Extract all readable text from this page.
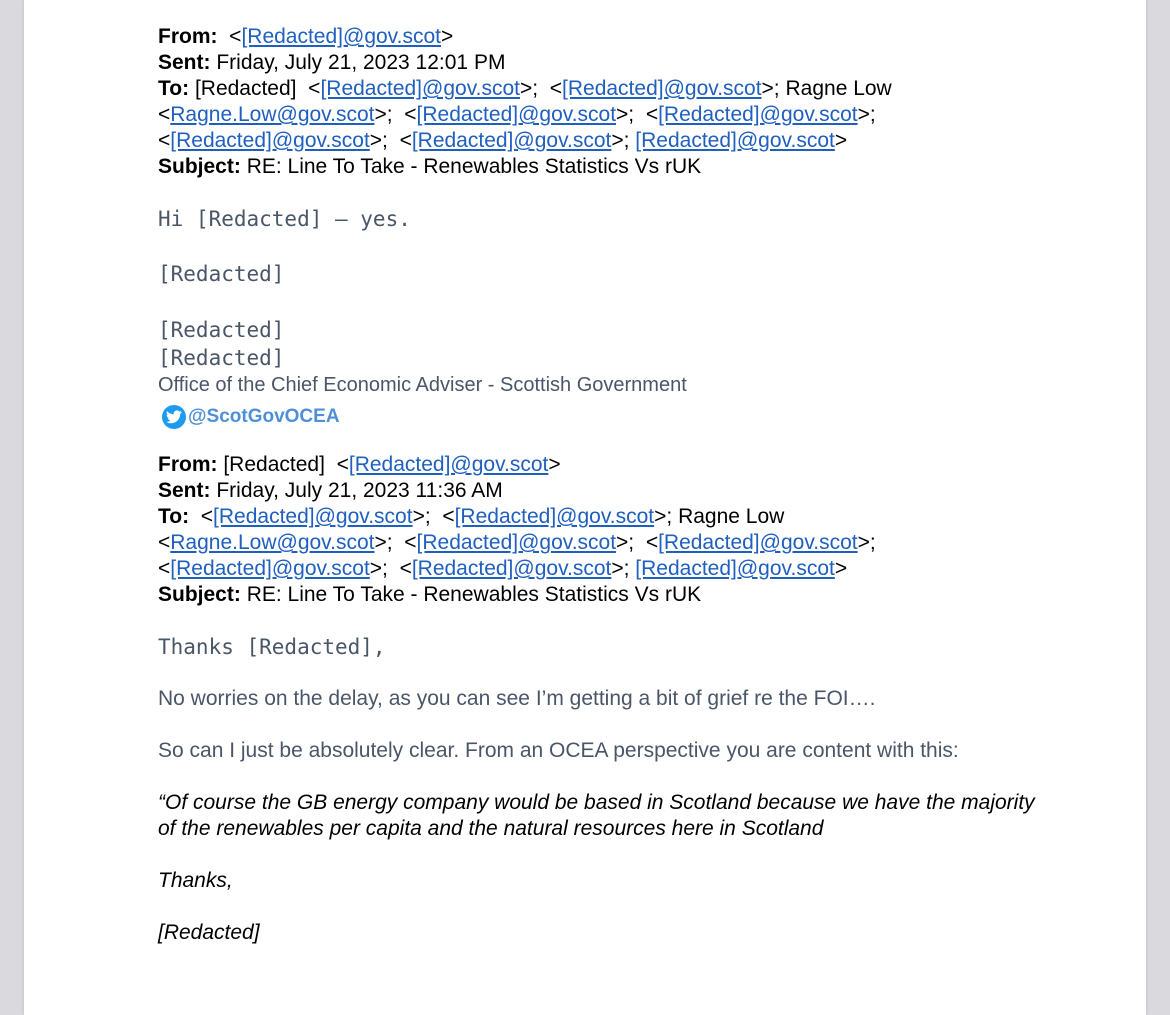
From:  <[Redacted]@gov.scot>

Sent: Friday, July 21, 2023 12:01 PM

To: [Redacted]  <[Redacted]@gov.scot>;  <[Redacted]@gov.scot>; Ragne Low
<Ragne.Low@gov.scot>;  <[Redacted]@gov.scot>;  <[Redacted]@gov.scot>;
<[Redacted]@gov.scot>;  <[Redacted]@gov.scot>; [Redacted]@gov.scot>

Subject: RE: Line To Take - Renewables Statistics Vs rUK

Hi [Redacted] – yes.
[Redacted]
[Redacted]
[Redacted]
Office of the Chief Economic Adviser - Scottish Government
@ScotGovOCEA

From: [Redacted]  <[Redacted]@gov.scot>

Sent: Friday, July 21, 2023 11:36 AM

To:  <[Redacted]@gov.scot>;  <[Redacted]@gov.scot>; Ragne Low
<Ragne.Low@gov.scot>;  <[Redacted]@gov.scot>;  <[Redacted]@gov.scot>;
<[Redacted]@gov.scot>;  <[Redacted]@gov.scot>; [Redacted]@gov.scot>

Subject: RE: Line To Take - Renewables Statistics Vs rUK

Thanks [Redacted],
No worries on the delay, as you can see I’m getting a bit of grief re the FOI….
So can I just be absolutely clear. From an OCEA perspective you are content with this:
“Of course the GB energy company would be based in Scotland because we have the majority of the renewables per capita and the natural resources here in Scotland
Thanks,
[Redacted]
